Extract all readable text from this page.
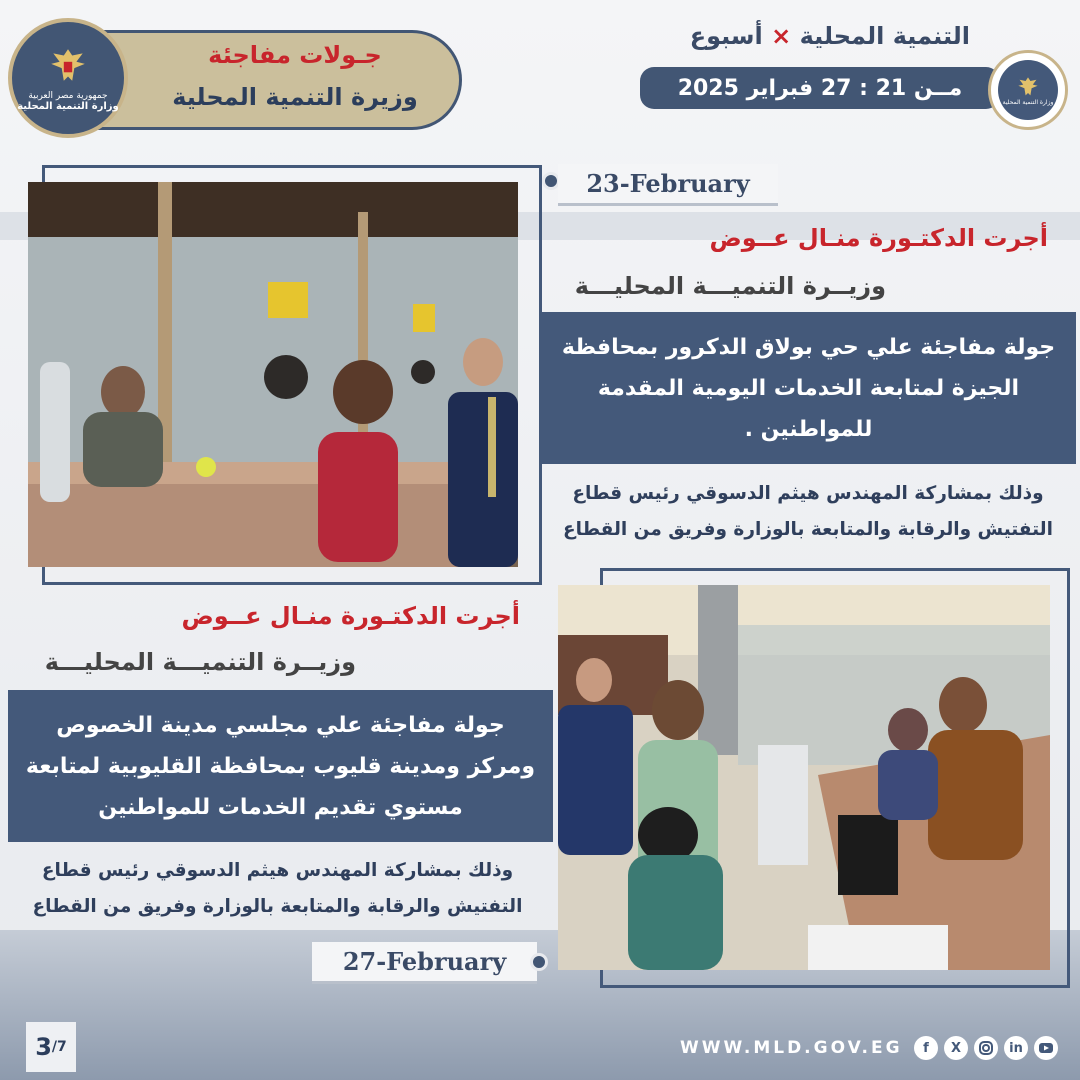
جـولات مفاجئة
وزيرة التنمية المحلية
جمهورية مصر العربية
وزارة التنمية المحلية
التنمية المحلية × أسبوع
مــن 21 : 27 فبراير 2025
وزارة التنمية المحلية
23-February
أجرت الدكتـورة منـال عــوض
وزيــرة التنميـــة المحليـــة
جولة مفاجئة علي حي بولاق الدكرور بمحافظة الجيزة لمتابعة الخدمات اليومية المقدمة للمواطنين .
وذلك بمشاركة المهندس هيثم الدسوقي رئيس قطاع التفتيش والرقابة والمتابعة بالوزارة وفريق من القطاع
أجرت الدكتـورة منـال عــوض
وزيــرة التنميـــة المحليـــة
جولة مفاجئة علي مجلسي مدينة الخصوص ومركز ومدينة قليوب بمحافظة القليوبية لمتابعة مستوي تقديم الخدمات للمواطنين
وذلك بمشاركة المهندس هيثم الدسوقي رئيس قطاع التفتيش والرقابة والمتابعة بالوزارة وفريق من القطاع
27-February
3 / 7	WWW.MLD.GOV.EG	f	X	in
